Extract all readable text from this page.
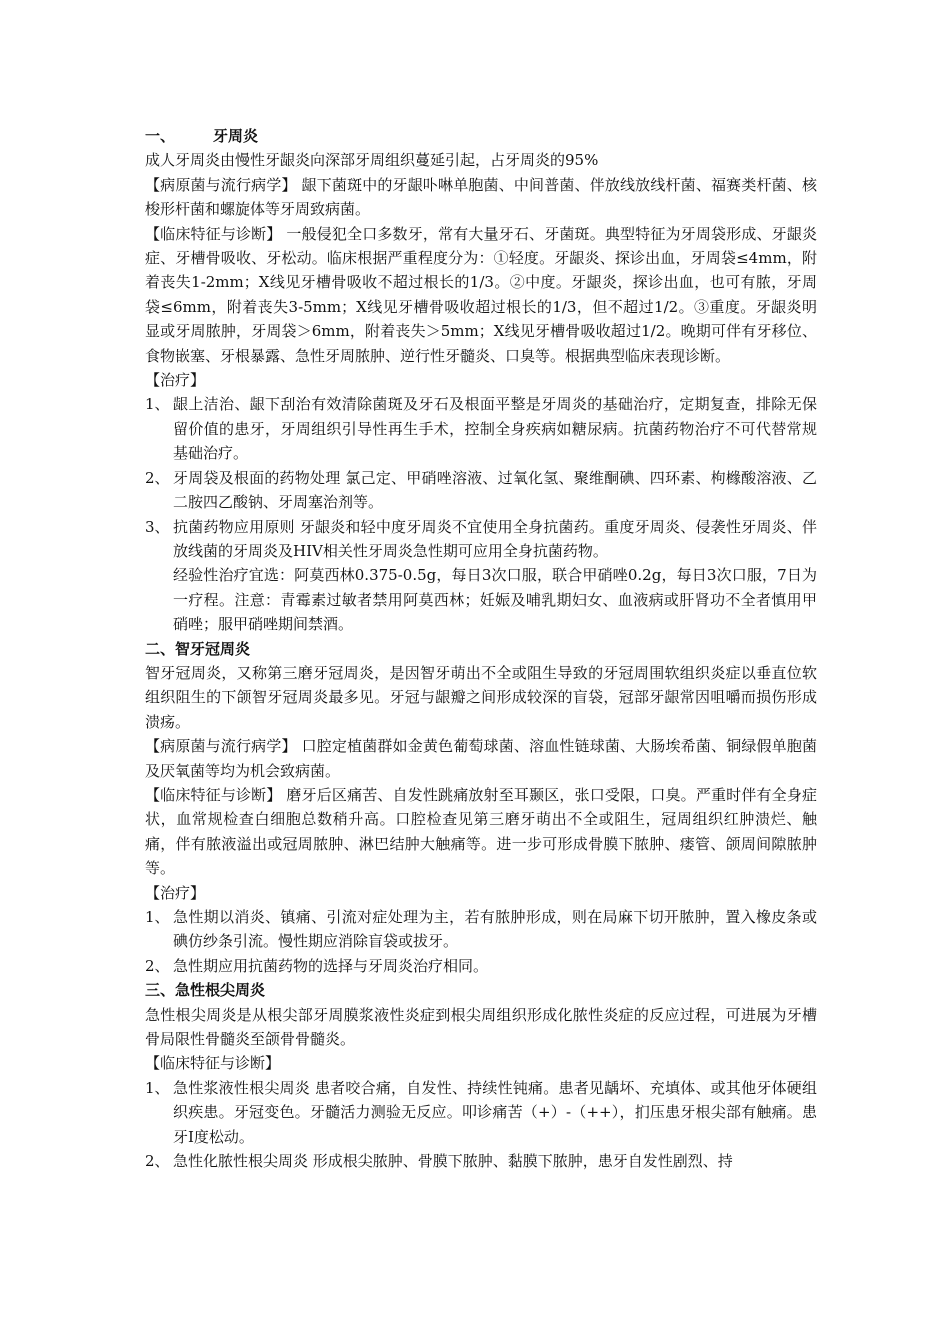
一、	牙周炎

成人牙周炎由慢性牙龈炎向深部牙周组织蔓延引起，占牙周炎的95%

【病原菌与流行病学】 龈下菌斑中的牙龈卟啉单胞菌、中间普菌、伴放线放线杆菌、福赛类杆菌、核梭形杆菌和螺旋体等牙周致病菌。

【临床特征与诊断】 一般侵犯全口多数牙，常有大量牙石、牙菌斑。典型特征为牙周袋形成、牙龈炎症、牙槽骨吸收、牙松动。临床根据严重程度分为：①轻度。牙龈炎、探诊出血，牙周袋≤4mm，附着丧失1-2mm；X线见牙槽骨吸收不超过根长的1/3。②中度。牙龈炎，探诊出血，也可有脓，牙周袋≤6mm，附着丧失3-5mm；X线见牙槽骨吸收超过根长的1/3，但不超过1/2。③重度。牙龈炎明显或牙周脓肿，牙周袋＞6mm，附着丧失＞5mm；X线见牙槽骨吸收超过1/2。晚期可伴有牙移位、食物嵌塞、牙根暴露、急性牙周脓肿、逆行性牙髓炎、口臭等。根据典型临床表现诊断。

【治疗】

1、 龈上洁治、龈下刮治有效清除菌斑及牙石及根面平整是牙周炎的基础治疗，定期复查，排除无保留价值的患牙，牙周组织引导性再生手术，控制全身疾病如糖尿病。抗菌药物治疗不可代替常规基础治疗。
2、 牙周袋及根面的药物处理 氯己定、甲硝唑溶液、过氧化氢、聚维酮碘、四环素、枸橼酸溶液、乙二胺四乙酸钠、牙周塞治剂等。
3、 抗菌药物应用原则 牙龈炎和轻中度牙周炎不宜使用全身抗菌药。重度牙周炎、侵袭性牙周炎、伴放线菌的牙周炎及HIV相关性牙周炎急性期可应用全身抗菌药物。

经验性治疗宜选：阿莫西林0.375-0.5g，每日3次口服，联合甲硝唑0.2g，每日3次口服，7日为一疗程。注意：青霉素过敏者禁用阿莫西林；妊娠及哺乳期妇女、血液病或肝肾功不全者慎用甲硝唑；服甲硝唑期间禁酒。

二、智牙冠周炎

智牙冠周炎，又称第三磨牙冠周炎，是因智牙萌出不全或阻生导致的牙冠周围软组织炎症以垂直位软组织阻生的下颌智牙冠周炎最多见。牙冠与龈瓣之间形成较深的盲袋，冠部牙龈常因咀嚼而损伤形成溃疡。

【病原菌与流行病学】 口腔定植菌群如金黄色葡萄球菌、溶血性链球菌、大肠埃希菌、铜绿假单胞菌及厌氧菌等均为机会致病菌。

【临床特征与诊断】 磨牙后区痛苦、自发性跳痛放射至耳颞区，张口受限，口臭。严重时伴有全身症状，血常规检查白细胞总数稍升高。口腔检查见第三磨牙萌出不全或阻生，冠周组织红肿溃烂、触痛，伴有脓液溢出或冠周脓肿、淋巴结肿大触痛等。进一步可形成骨膜下脓肿、瘘管、颌周间隙脓肿等。

【治疗】

1、 急性期以消炎、镇痛、引流对症处理为主，若有脓肿形成，则在局麻下切开脓肿，置入橡皮条或碘仿纱条引流。慢性期应消除盲袋或拔牙。
2、 急性期应用抗菌药物的选择与牙周炎治疗相同。
三、急性根尖周炎

急性根尖周炎是从根尖部牙周膜浆液性炎症到根尖周组织形成化脓性炎症的反应过程，可进展为牙槽骨局限性骨髓炎至颌骨骨髓炎。

【临床特征与诊断】

1、 急性浆液性根尖周炎 患者咬合痛，自发性、持续性钝痛。患者见龋坏、充填体、或其他牙体硬组织疾患。牙冠变色。牙髓活力测验无反应。叩诊痛苦（+）-（++），扪压患牙根尖部有触痛。患牙Ⅰ度松动。
2、 急性化脓性根尖周炎 形成根尖脓肿、骨膜下脓肿、黏膜下脓肿，患牙自发性剧烈、持
